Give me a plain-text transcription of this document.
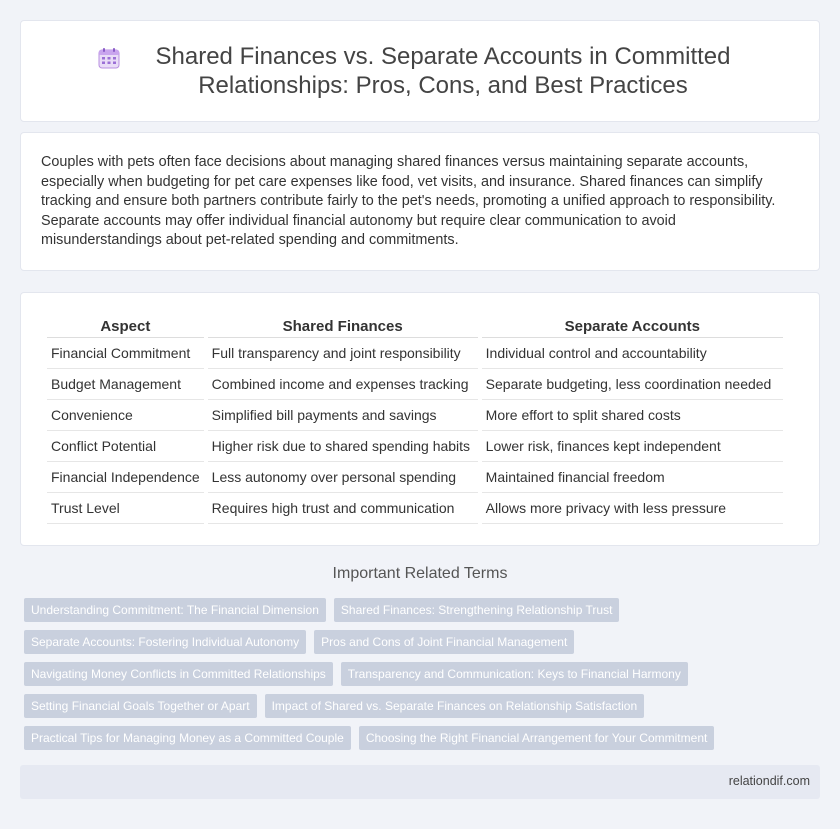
Shared Finances vs. Separate Accounts in Committed Relationships: Pros, Cons, and Best Practices

Couples with pets often face decisions about managing shared finances versus maintaining separate accounts, especially when budgeting for pet care expenses like food, vet visits, and insurance. Shared finances can simplify tracking and ensure both partners contribute fairly to the pet's needs, promoting a unified approach to responsibility. Separate accounts may offer individual financial autonomy but require clear communication to avoid misunderstandings about pet-related spending and commitments.

Aspect	Shared Finances	Separate Accounts
Financial Commitment	Full transparency and joint responsibility	Individual control and accountability
Budget Management	Combined income and expenses tracking	Separate budgeting, less coordination needed
Convenience	Simplified bill payments and savings	More effort to split shared costs
Conflict Potential	Higher risk due to shared spending habits	Lower risk, finances kept independent
Financial Independence	Less autonomy over personal spending	Maintained financial freedom
Trust Level	Requires high trust and communication	Allows more privacy with less pressure
Important Related Terms
Understanding Commitment: The Financial Dimension	Shared Finances: Strengthening Relationship Trust
Separate Accounts: Fostering Individual Autonomy	Pros and Cons of Joint Financial Management
Navigating Money Conflicts in Committed Relationships	Transparency and Communication: Keys to Financial Harmony
Setting Financial Goals Together or Apart	Impact of Shared vs. Separate Finances on Relationship Satisfaction
Practical Tips for Managing Money as a Committed Couple	Choosing the Right Financial Arrangement for Your Commitment
relationdif.com
